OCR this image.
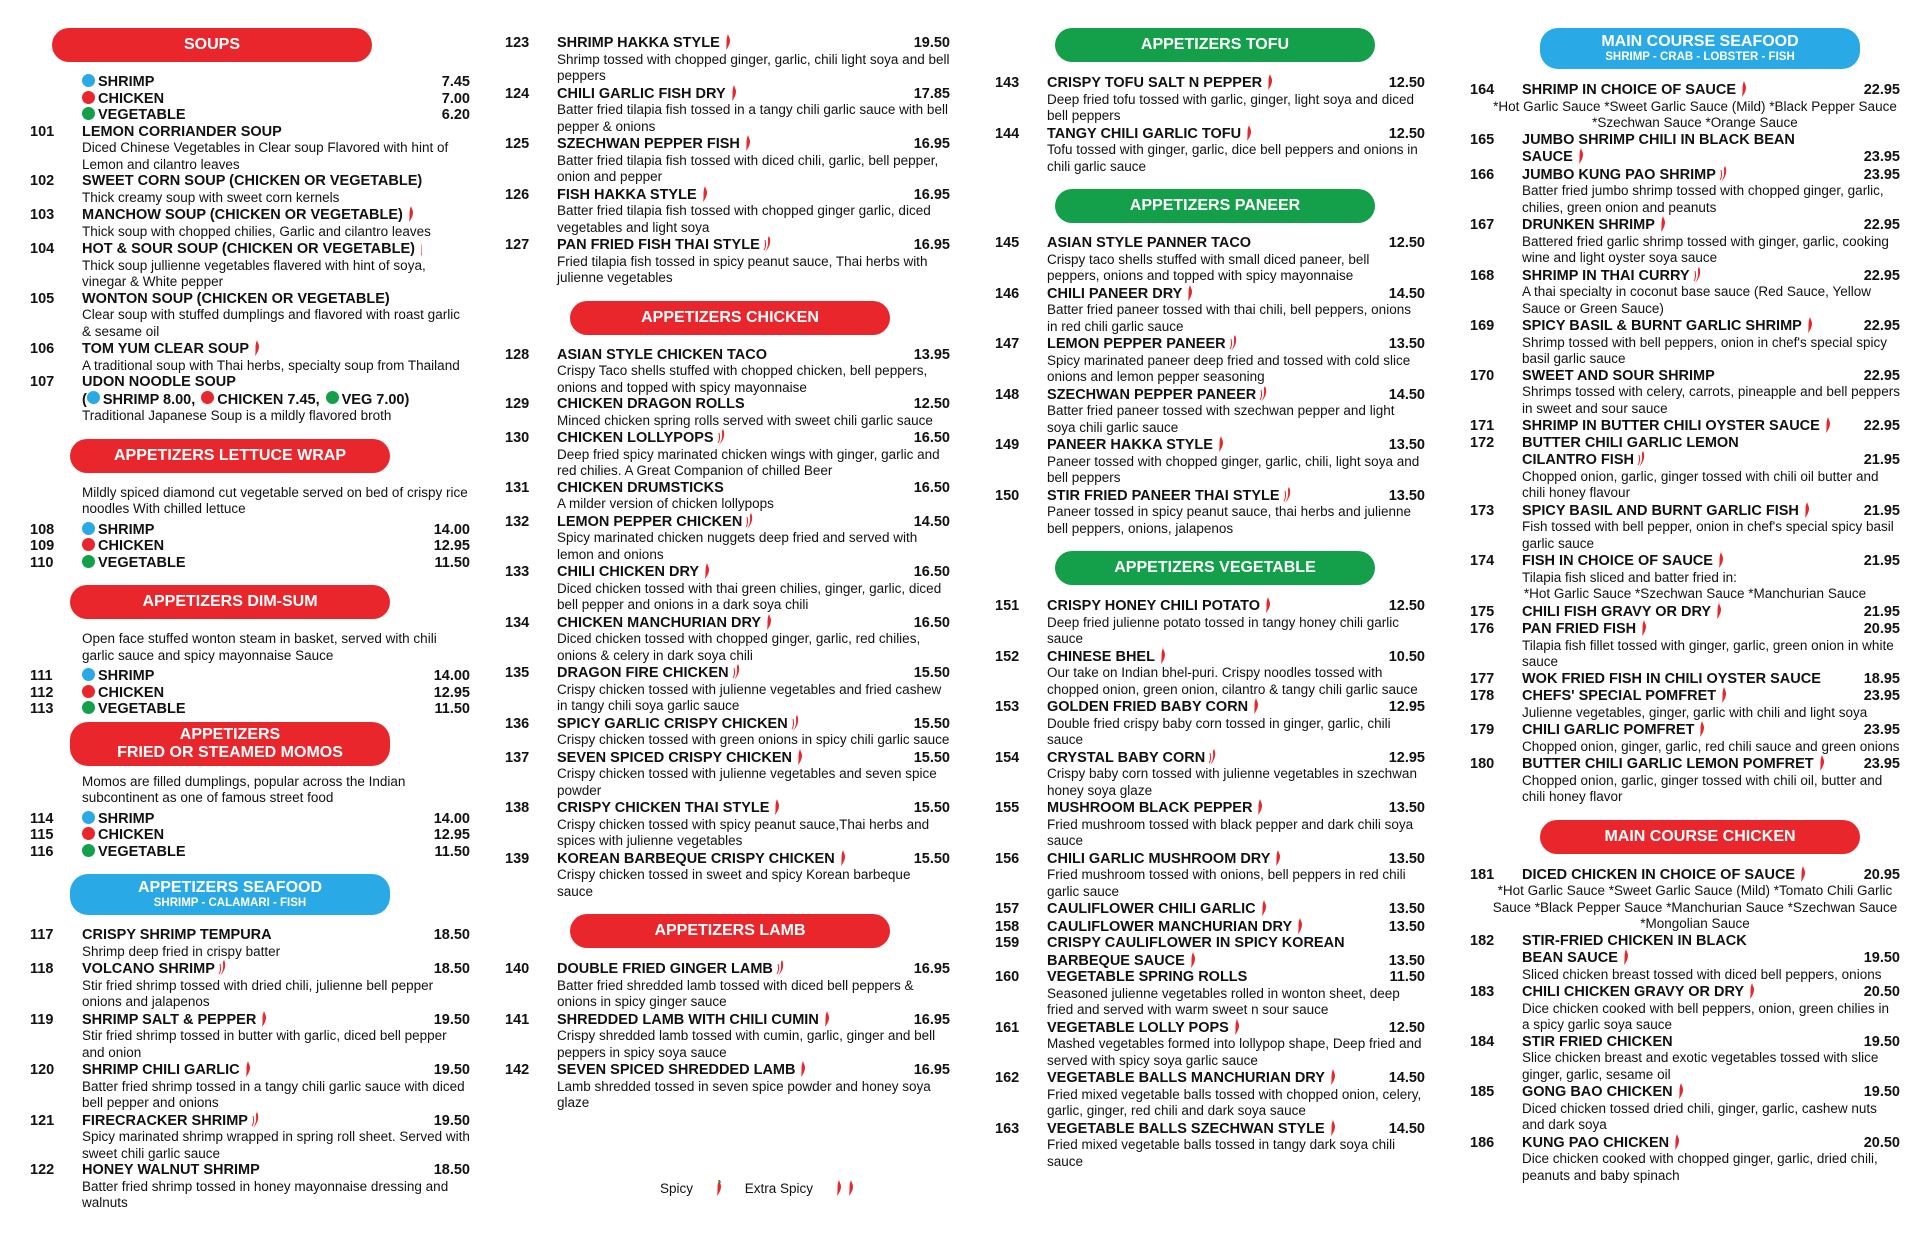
SOUPS
SHRIMP	7.45
CHICKEN	7.00
VEGETABLE	6.20
101	LEMON CORRIANDER SOUP
Diced Chinese Vegetables in Clear soup Flavored with hint of Lemon and cilantro leaves
102	SWEET CORN SOUP (CHICKEN OR VEGETABLE)
Thick creamy soup with sweet corn kernels
103	MANCHOW SOUP (CHICKEN OR VEGETABLE)
Thick soup with chopped chilies, Garlic and cilantro leaves
104	HOT & SOUR SOUP (CHICKEN OR VEGETABLE)
Thick soup jullienne vegetables flavered with hint of soya, vinegar & White pepper
105	WONTON SOUP (CHICKEN OR VEGETABLE)
Clear soup with stuffed dumplings and flavored with roast garlic & sesame oil
106	TOM YUM CLEAR SOUP
A traditional soup with Thai herbs, specialty soup from Thailand
107	UDON NOODLE SOUP
( SHRIMP 8.00, CHICKEN 7.45, VEG 7.00)
Traditional Japanese Soup is a mildly flavored broth
APPETIZERS LETTUCE WRAP
Mildly spiced diamond cut vegetable served on bed of crispy rice noodles With chilled lettuce
108	SHRIMP	14.00
109	CHICKEN	12.95
110	VEGETABLE	11.50
APPETIZERS DIM-SUM
Open face stuffed wonton steam in basket, served with chili garlic sauce and spicy mayonnaise Sauce
111	SHRIMP	14.00
112	CHICKEN	12.95
113	VEGETABLE	11.50
APPETIZERS
FRIED OR STEAMED MOMOS
Momos are filled dumplings, popular across the Indian subcontinent as one of famous street food
114	SHRIMP	14.00
115	CHICKEN	12.95
116	VEGETABLE	11.50
APPETIZERS SEAFOOD
SHRIMP - CALAMARI - FISH
117	CRISPY SHRIMP TEMPURA	18.50
Shrimp deep fried in crispy batter
118	VOLCANO SHRIMP	18.50
Stir fried shrimp tossed with dried chili, julienne bell pepper onions and jalapenos
119	SHRIMP SALT & PEPPER	19.50
Stir fried shrimp tossed in butter with garlic, diced bell pepper and onion
120	SHRIMP CHILI GARLIC	19.50
Batter fried shrimp tossed in a tangy chili garlic sauce with diced bell pepper and onions
121	FIRECRACKER SHRIMP	19.50
Spicy marinated shrimp wrapped in spring roll sheet. Served with sweet chili garlic sauce
122	HONEY WALNUT SHRIMP	18.50
Batter fried shrimp tossed in honey mayonnaise dressing and walnuts
123	SHRIMP HAKKA STYLE	19.50
Shrimp tossed with chopped ginger, garlic, chili light soya and bell peppers
124	CHILI GARLIC FISH DRY	17.85
Batter fried tilapia fish tossed in a tangy chili garlic sauce with bell pepper & onions
125	SZECHWAN PEPPER FISH	16.95
Batter fried tilapia fish tossed with diced chili, garlic, bell pepper, onion and pepper
126	FISH HAKKA STYLE	16.95
Batter fried tilapia fish tossed with chopped ginger garlic, diced vegetables and light soya
127	PAN FRIED FISH THAI STYLE	16.95
Fried tilapia fish tossed in spicy peanut sauce, Thai herbs with julienne vegetables
APPETIZERS CHICKEN
128	ASIAN STYLE CHICKEN TACO	13.95
Crispy Taco shells stuffed with chopped chicken, bell peppers, onions and topped with spicy mayonnaise
129	CHICKEN DRAGON ROLLS	12.50
Minced chicken spring rolls served with sweet chili garlic sauce
130	CHICKEN LOLLYPOPS	16.50
Deep fried spicy marinated chicken wings with ginger, garlic and red chilies. A Great Companion of chilled Beer
131	CHICKEN DRUMSTICKS	16.50
A milder version of chicken lollypops
132	LEMON PEPPER CHICKEN	14.50
Spicy marinated chicken nuggets deep fried and served with lemon and onions
133	CHILI CHICKEN DRY	16.50
Diced chicken tossed with thai green chilies, ginger, garlic, diced bell pepper and onions in a dark soya chili
134	CHICKEN MANCHURIAN DRY	16.50
Diced chicken tossed with chopped ginger, garlic, red chilies, onions & celery in dark soya chili
135	DRAGON FIRE CHICKEN	15.50
Crispy chicken tossed with julienne vegetables and fried cashew in tangy chili soya garlic sauce
136	SPICY GARLIC CRISPY CHICKEN	15.50
Crispy chicken tossed with green onions in spicy chili garlic sauce
137	SEVEN SPICED CRISPY CHICKEN	15.50
Crispy chicken tossed with julienne vegetables and seven spice powder
138	CRISPY CHICKEN THAI STYLE	15.50
Crispy chicken tossed with spicy peanut sauce,Thai herbs and spices with julienne vegetables
139	KOREAN BARBEQUE CRISPY CHICKEN	15.50
Crispy chicken tossed in sweet and spicy Korean barbeque sauce
APPETIZERS LAMB
140	DOUBLE FRIED GINGER LAMB	16.95
Batter fried shredded lamb tossed with diced bell peppers & onions in spicy ginger sauce
141	SHREDDED LAMB WITH CHILI CUMIN	16.95
Crispy shredded lamb tossed with cumin, garlic, ginger and bell peppers in spicy soya sauce
142	SEVEN SPICED SHREDDED LAMB	16.95
Lamb shredded tossed in seven spice powder and honey soya glaze
APPETIZERS TOFU
143	CRISPY TOFU SALT N PEPPER	12.50
Deep fried tofu tossed with garlic, ginger, light soya and diced bell peppers
144	TANGY CHILI GARLIC TOFU	12.50
Tofu tossed with ginger, garlic, dice bell peppers and onions in chili garlic sauce
APPETIZERS PANEER
145	ASIAN STYLE PANNER TACO	12.50
Crispy taco shells stuffed with small diced paneer, bell peppers, onions and topped with spicy mayonnaise
146	CHILI PANEER DRY	14.50
Batter fried paneer tossed with thai chili, bell peppers, onions in red chili garlic sauce
147	LEMON PEPPER PANEER	13.50
Spicy marinated paneer deep fried and tossed with cold slice onions and lemon pepper seasoning
148	SZECHWAN PEPPER PANEER	14.50
Batter fried paneer tossed with szechwan pepper and light soya chili garlic sauce
149	PANEER HAKKA STYLE	13.50
Paneer tossed with chopped ginger, garlic, chili, light soya and bell peppers
150	STIR FRIED PANEER THAI STYLE	13.50
Paneer tossed in spicy peanut sauce, thai herbs and julienne bell peppers, onions, jalapenos
APPETIZERS VEGETABLE
151	CRISPY HONEY CHILI POTATO	12.50
Deep fried julienne potato tossed in tangy honey chili garlic sauce
152	CHINESE BHEL	10.50
Our take on Indian bhel-puri. Crispy noodles tossed with chopped onion, green onion, cilantro & tangy chili garlic sauce
153	GOLDEN FRIED BABY CORN	12.95
Double fried crispy baby corn tossed in ginger, garlic, chili sauce
154	CRYSTAL BABY CORN	12.95
Crispy baby corn tossed with julienne vegetables in szechwan honey soya glaze
155	MUSHROOM BLACK PEPPER	13.50
Fried mushroom tossed with black pepper and dark chili soya sauce
156	CHILI GARLIC MUSHROOM DRY	13.50
Fried mushroom tossed with onions, bell peppers in red chili garlic sauce
157	CAULIFLOWER CHILI GARLIC	13.50
158	CAULIFLOWER MANCHURIAN DRY	13.50
159	CRISPY CAULIFLOWER IN SPICY KOREAN
BARBEQUE SAUCE	13.50
160	VEGETABLE SPRING ROLLS	11.50
Seasoned julienne vegetables rolled in wonton sheet, deep fried and served with warm sweet n sour sauce
161	VEGETABLE LOLLY POPS	12.50
Mashed vegetables formed into lollypop shape, Deep fried and served with spicy soya garlic sauce
162	VEGETABLE BALLS MANCHURIAN DRY	14.50
Fried mixed vegetable balls tossed with chopped onion, celery, garlic, ginger, red chili and dark soya sauce
163	VEGETABLE BALLS SZECHWAN STYLE	14.50
Fried mixed vegetable balls tossed in tangy dark soya chili sauce
MAIN COURSE SEAFOOD
SHRIMP - CRAB - LOBSTER - FISH
164	SHRIMP IN CHOICE OF SAUCE	22.95
*Hot Garlic Sauce *Sweet Garlic Sauce (Mild) *Black Pepper Sauce *Szechwan Sauce *Orange Sauce
165	JUMBO SHRIMP CHILI IN BLACK BEAN
SAUCE	23.95
166	JUMBO KUNG PAO SHRIMP	23.95
Batter fried jumbo shrimp tossed with chopped ginger, garlic, chilies, green onion and peanuts
167	DRUNKEN SHRIMP	22.95
Battered fried garlic shrimp tossed with ginger, garlic, cooking wine and light oyster soya sauce
168	SHRIMP IN THAI CURRY	22.95
A thai specialty in coconut base sauce (Red Sauce, Yellow Sauce or Green Sauce)
169	SPICY BASIL & BURNT GARLIC SHRIMP	22.95
Shrimp tossed with bell peppers, onion in chef's special spicy basil garlic sauce
170	SWEET AND SOUR SHRIMP	22.95
Shrimps tossed with celery, carrots, pineapple and bell peppers in sweet and sour sauce
171	SHRIMP IN BUTTER CHILI OYSTER SAUCE	22.95
172	BUTTER CHILI GARLIC LEMON
CILANTRO FISH	21.95
Chopped onion, garlic, ginger tossed with chili oil butter and chili honey flavour
173	SPICY BASIL AND BURNT GARLIC FISH	21.95
Fish tossed with bell pepper, onion in chef's special spicy basil garlic sauce
174	FISH IN CHOICE OF SAUCE	21.95
Tilapia fish sliced and batter fried in:
*Hot Garlic Sauce *Szechwan Sauce *Manchurian Sauce
175	CHILI FISH GRAVY OR DRY	21.95
176	PAN FRIED FISH	20.95
Tilapia fish fillet tossed with ginger, garlic, green onion in white sauce
177	WOK FRIED FISH IN CHILI OYSTER SAUCE	18.95
178	CHEFS' SPECIAL POMFRET	23.95
Julienne vegetables, ginger, garlic with chili and light soya
179	CHILI GARLIC POMFRET	23.95
Chopped onion, ginger, garlic, red chili sauce and green onions
180	BUTTER CHILI GARLIC LEMON POMFRET	23.95
Chopped onion, garlic, ginger tossed with chili oil, butter and chili honey flavor
MAIN COURSE CHICKEN
181	DICED CHICKEN IN CHOICE OF SAUCE	20.95
*Hot Garlic Sauce *Sweet Garlic Sauce (Mild) *Tomato Chili Garlic Sauce *Black Pepper Sauce *Manchurian Sauce *Szechwan Sauce *Mongolian Sauce
182	STIR-FRIED CHICKEN IN BLACK
BEAN SAUCE	19.50
Sliced chicken breast tossed with diced bell peppers, onions
183	CHILI CHICKEN GRAVY OR DRY	20.50
Dice chicken cooked with bell peppers, onion, green chilies in a spicy garlic soya sauce
184	STIR FRIED CHICKEN	19.50
Slice chicken breast and exotic vegetables tossed with slice ginger, garlic, sesame oil
185	GONG BAO CHICKEN	19.50
Diced chicken tossed dried chili, ginger, garlic, cashew nuts and dark soya
186	KUNG PAO CHICKEN	20.50
Dice chicken cooked with chopped ginger, garlic, dried chili, peanuts and baby spinach
Spicy	Extra Spicy
